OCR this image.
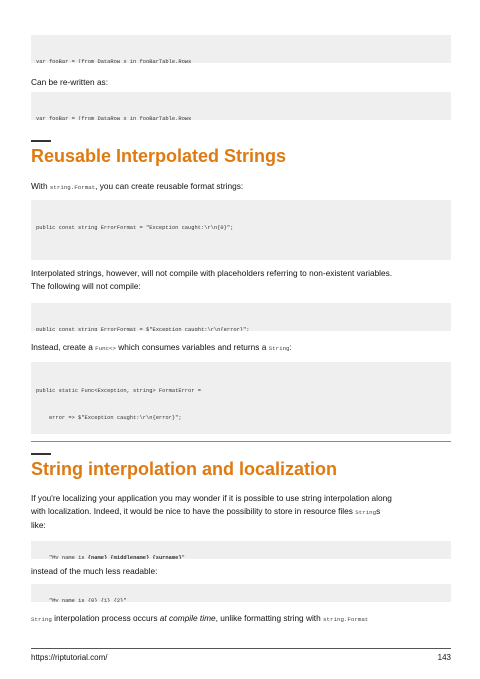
var fooBar = (from DataRow x in fooBarTable.Rows

Can be re-written as:

var fooBar = (from DataRow x in fooBarTable.Rows

Reusable Interpolated Strings
With string.Format, you can create reusable format strings:

public const string ErrorFormat = "Exception caught:\r\n{0}";

Interpolated strings, however, will not compile with placeholders referring to non-existent variables.
The following will not compile:

public const string ErrorFormat = $"Exception caught:\r\n{error}";

Instead, create a Func<> which consumes variables and returns a String:

public static Func<Exception, string> FormatError =

error => $"Exception caught:\r\n{error}";

String interpolation and localization
If you're localizing your application you may wonder if it is possible to use string interpolation along
with localization. Indeed, it would be nice to have the possibility to store in resource files Strings
like:

"My name is {name} {middlename} {surname}"

instead of the much less readable:

"My name is {0} {1} {2}"

String interpolation process occurs at compile time, unlike formatting string with string.Format
https://riptutorial.com/	143
